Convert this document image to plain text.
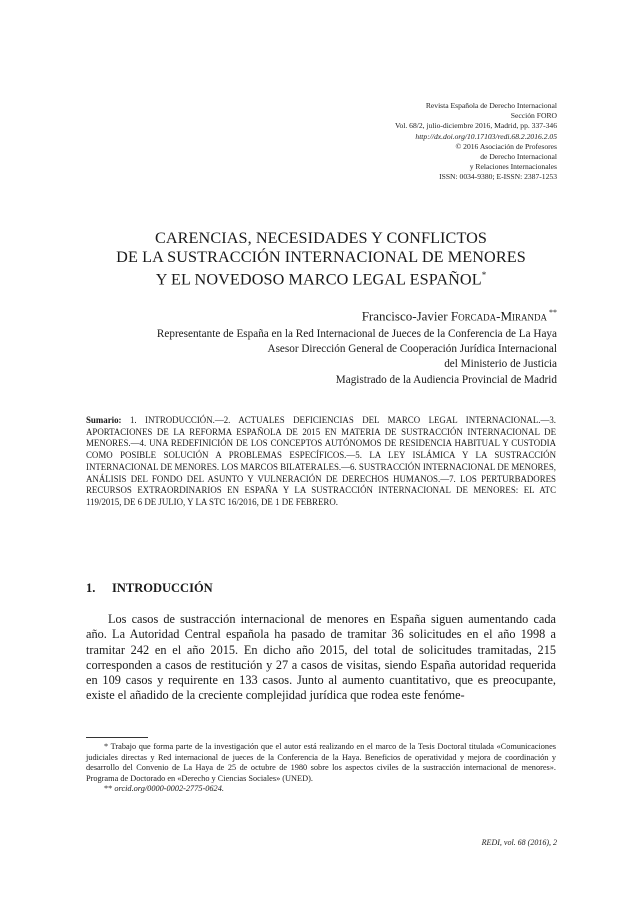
Revista Española de Derecho Internacional
Sección FORO
Vol. 68/2, julio-diciembre 2016, Madrid, pp. 337-346
http://dx.doi.org/10.17103/redi.68.2.2016.2.05
© 2016 Asociación de Profesores
de Derecho Internacional
y Relaciones Internacionales
ISSN: 0034-9380; E-ISSN: 2387-1253
CARENCIAS, NECESIDADES Y CONFLICTOS
DE LA SUSTRACCIÓN INTERNACIONAL DE MENORES
Y EL NOVEDOSO MARCO LEGAL ESPAÑOL*
Francisco-Javier Forcada-Miranda **
Representante de España en la Red Internacional de Jueces de la Conferencia de La Haya
Asesor Dirección General de Cooperación Jurídica Internacional
del Ministerio de Justicia
Magistrado de la Audiencia Provincial de Madrid
Sumario: 1. INTRODUCCIÓN.—2. ACTUALES DEFICIENCIAS DEL MARCO LEGAL INTERNACIONAL.—3. APORTACIONES DE LA REFORMA ESPAÑOLA DE 2015 EN MATERIA DE SUSTRACCIÓN INTERNACIONAL DE MENORES.—4. UNA REDEFINICIÓN DE LOS CONCEPTOS AUTÓNOMOS DE RESIDENCIA HABITUAL Y CUSTODIA COMO POSIBLE SOLUCIÓN A PROBLEMAS ESPECÍFICOS.—5. LA LEY ISLÁMICA Y LA SUSTRACCIÓN INTERNACIONAL DE MENORES. LOS MARCOS BILATERALES.—6. SUSTRACCIÓN INTERNACIONAL DE MENORES, ANÁLISIS DEL FONDO DEL ASUNTO Y VULNERACIÓN DE DERECHOS HUMANOS.—7. LOS PERTURBADORES RECURSOS EXTRAORDINARIOS EN ESPAÑA Y LA SUSTRACCIÓN INTERNACIONAL DE MENORES: EL ATC 119/2015, DE 6 DE JULIO, Y LA STC 16/2016, DE 1 DE FEBRERO.
1. INTRODUCCIÓN

Los casos de sustracción internacional de menores en España siguen aumentando cada año. La Autoridad Central española ha pasado de tramitar 36 solicitudes en el año 1998 a tramitar 242 en el año 2015. En dicho año 2015, del total de solicitudes tramitadas, 215 corresponden a casos de restitución y 27 a casos de visitas, siendo España autoridad requerida en 109 casos y requirente en 133 casos. Junto al aumento cuantitativo, que es preocupante, existe el añadido de la creciente complejidad jurídica que rodea este fenóme-

* Trabajo que forma parte de la investigación que el autor está realizando en el marco de la Tesis Doctoral titulada «Comunicaciones judiciales directas y Red internacional de jueces de la Conferencia de la Haya. Beneficios de operatividad y mejora de coordinación y desarrollo del Convenio de La Haya de 25 de octubre de 1980 sobre los aspectos civiles de la sustracción internacional de menores». Programa de Doctorado en «Derecho y Ciencias Sociales» (UNED).

** orcid.org/0000-0002-2775-0624.

REDI, vol. 68 (2016), 2
